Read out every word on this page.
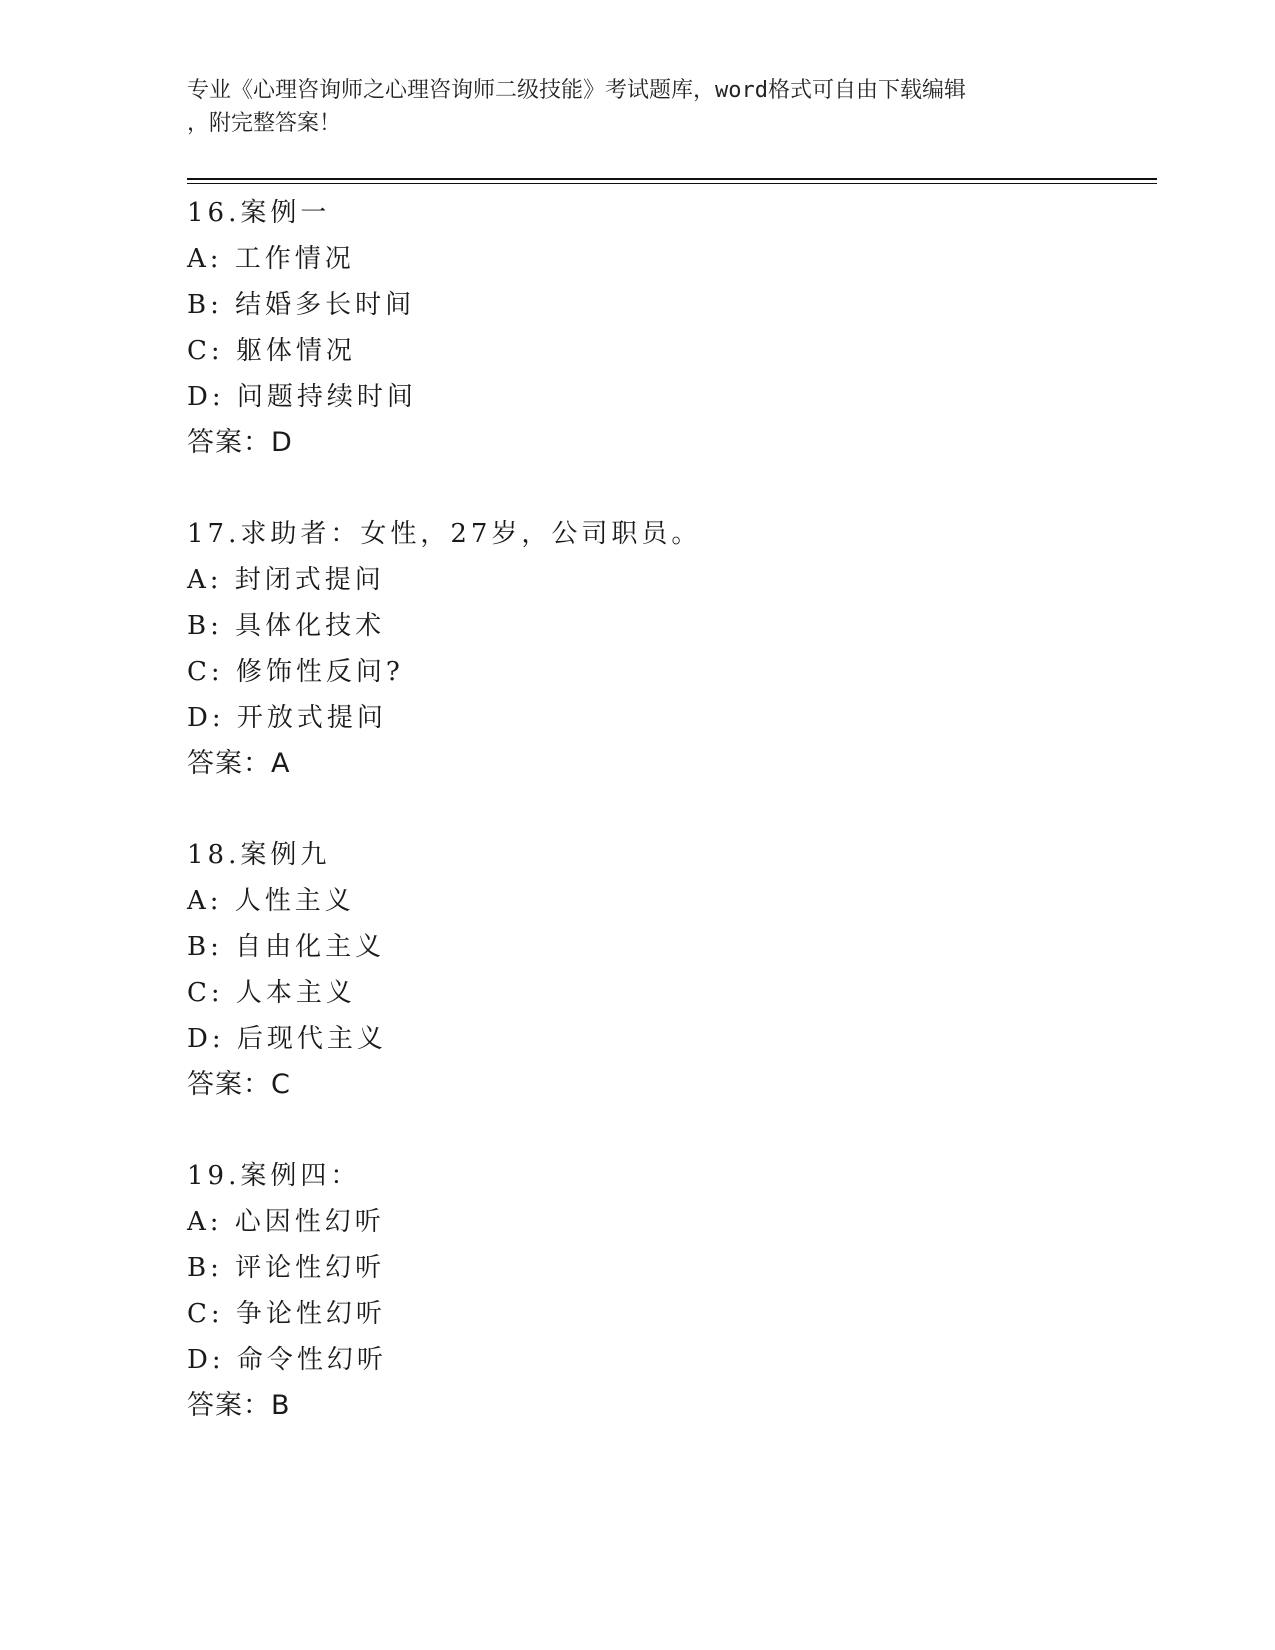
专业《心理咨询师之心理咨询师二级技能》考试题库，word格式可自由下载编辑
，附完整答案！
16.案例一
A: 工作情况
B: 结婚多长时间
C: 躯体情况
D: 问题持续时间
答案：D
17.求助者：女性，27岁，公司职员。
A: 封闭式提问
B: 具体化技术
C: 修饰性反问?
D: 开放式提问
答案：A
18.案例九
A: 人性主义
B: 自由化主义
C: 人本主义
D: 后现代主义
答案：C
19.案例四：
A: 心因性幻听
B: 评论性幻听
C: 争论性幻听
D: 命令性幻听
答案：B
